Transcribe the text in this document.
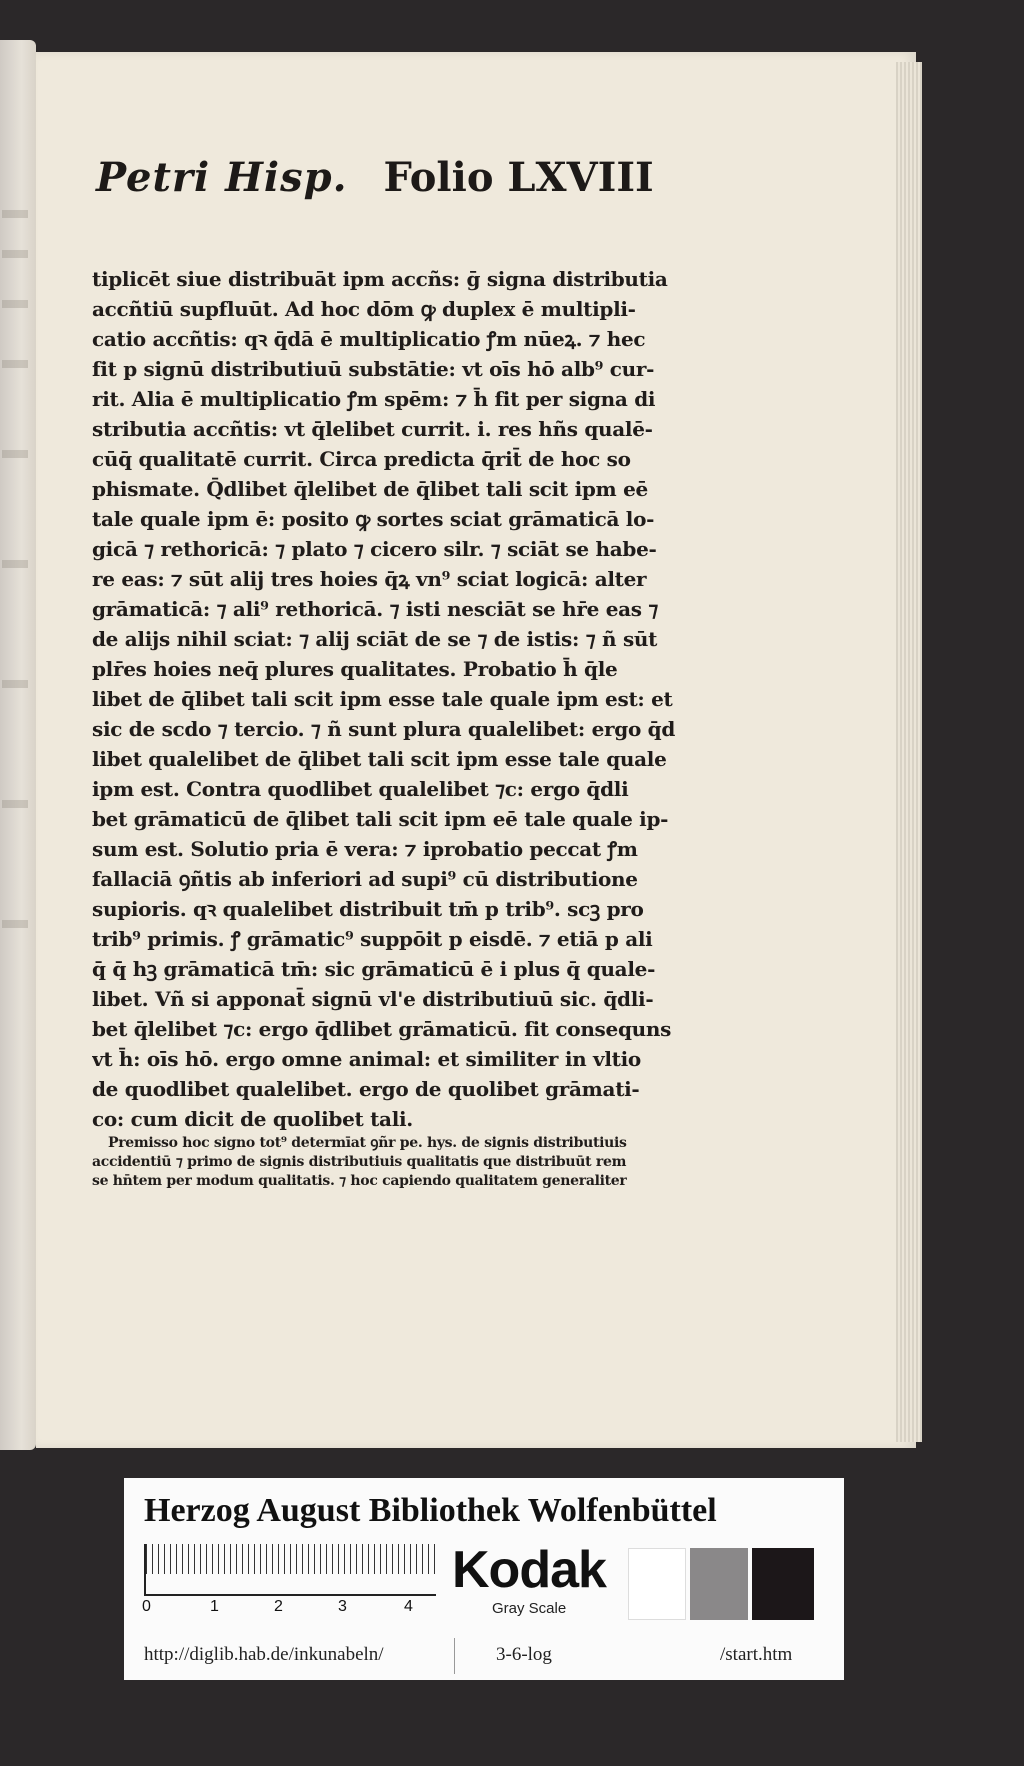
Petri Hisp. Folio LXVIII
tiplicēt siue distribuāt ipm accñs: ḡ signa distributia
accñtiū supfluūt. Ad hoc dōm ꝙ duplex ē multipli-
catio accñtis: qꝛ q̄dā ē multiplicatio ꝭm nūeꝝ. ⁊ hec
fit p signū distributiuū substātie: vt oīs hō alb⁹ cur-
rit. Alia ē multiplicatio ꝭm spēm: ⁊ h̄ fit per signa di
stributia accñtis: vt q̄lelibet currit. i. res hñs qualē-
cūq̄ qualitatē currit. Circa predicta q̄rit̄ de hoc so
phismate. Q̄dlibet q̄lelibet de q̄libet tali scit ipm eē
tale quale ipm ē: posito ꝙ sortes sciat grāmaticā lo-
gicā ⁊ rethoricā: ⁊ plato ⁊ cicero silr. ⁊ sciāt se habe-
re eas: ⁊ sūt alij tres hoies q̄ꝝ vn⁹ sciat logicā: alter
grāmaticā: ⁊ ali⁹ rethoricā. ⁊ isti nesciāt se hr̄e eas ⁊
de alijs nihil sciat: ⁊ alij sciāt de se ⁊ de istis: ⁊ ñ sūt
plr̄es hoies neq̄ plures qualitates. Probatio h̄ q̄le
libet de q̄libet tali scit ipm esse tale quale ipm est: et
sic de scdo ⁊ tercio. ⁊ ñ sunt plura qualelibet: ergo q̄d
libet qualelibet de q̄libet tali scit ipm esse tale quale
ipm est. Contra quodlibet qualelibet ⁊c: ergo q̄dli
bet grāmaticū de q̄libet tali scit ipm eē tale quale ip-
sum est. Solutio pria ē vera: ⁊ iprobatio peccat ꝭm
fallaciā ꝯñtis ab inferiori ad supi⁹ cū distributione
supioris. qꝛ qualelibet distribuit tm̄ p trib⁹. scꝫ pro
trib⁹ primis. ꝭ grāmatic⁹ suppōit p eisdē. ⁊ etiā p ali
q̄ q̄ hꝫ grāmaticā tm̄: sic grāmaticū ē i plus q̄ quale-
libet. Vñ si apponat̄ signū vl'e distributiuū sic. q̄dli-
bet q̄lelibet ⁊c: ergo q̄dlibet grāmaticū. fit consequns
vt h̄: oīs hō. ergo omne animal: et similiter in vltio
de quodlibet qualelibet. ergo de quolibet grāmati-
co: cum dicit de quolibet tali.
Premisso hoc signo tot⁹ determīat ꝯñr pe. hys. de signis distributiuis
accidentiū ⁊ primo de signis distributiuis qualitatis que distribuūt rem
se hn̄tem per modum qualitatis. ⁊ hoc capiendo qualitatem generaliter
Herzog August Bibliothek Wolfenbüttel
0	1	2	3	4
Kodak
Gray Scale
http://diglib.hab.de/inkunabeln/	3-6-log	/start.htm
